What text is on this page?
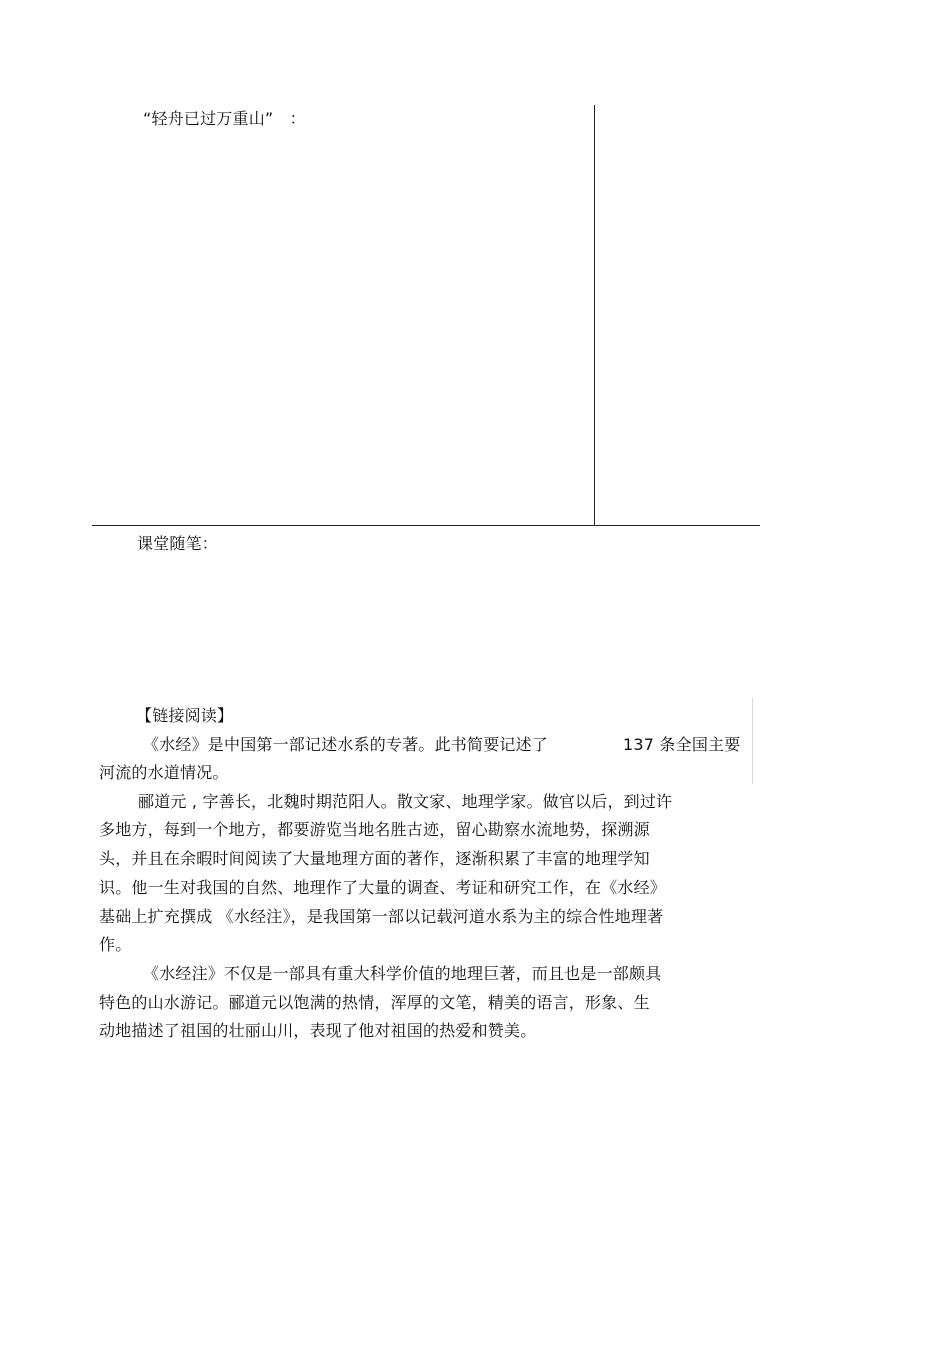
“轻舟已过万重山”　：
课堂随笔：
【链接阅读】
《水经》是中国第一部记述水系的专著。此书简要记述了	137 条全国主要
河流的水道情况。
郦道元 , 字善长，北魏时期范阳人。散文家、地理学家。做官以后，到过许
多地方，每到一个地方，都要游览当地名胜古迹，留心勘察水流地势，探溯源
头，并且在余暇时间阅读了大量地理方面的著作，逐渐积累了丰富的地理学知
识。他一生对我国的自然、地理作了大量的调查、考证和研究工作，在《水经》
基础上扩充撰成 《水经注》，是我国第一部以记载河道水系为主的综合性地理著
作。
《水经注》不仅是一部具有重大科学价值的地理巨著，而且也是一部颇具
特色的山水游记。郦道元以饱满的热情，浑厚的文笔，精美的语言，形象、生
动地描述了祖国的壮丽山川，表现了他对祖国的热爱和赞美。
